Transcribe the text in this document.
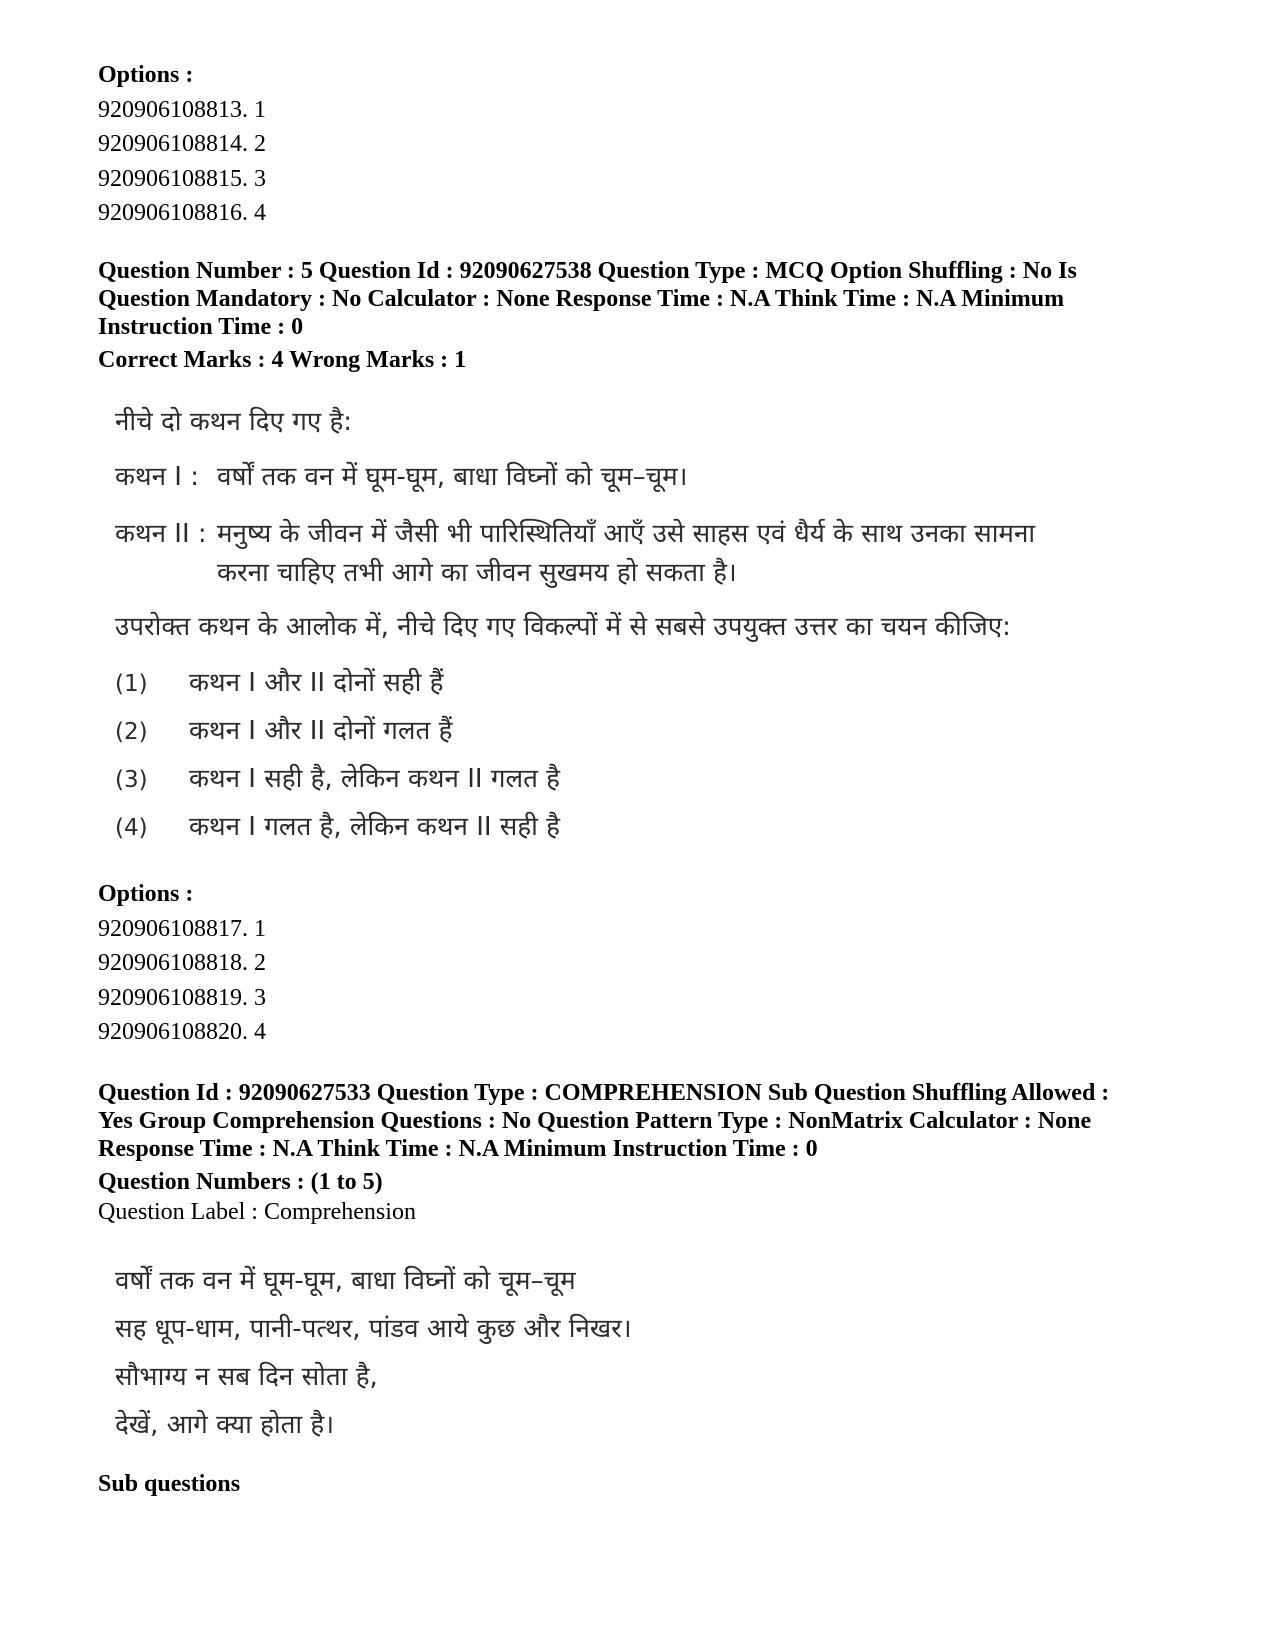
Options :
920906108813. 1
920906108814. 2
920906108815. 3
920906108816. 4
Question Number : 5 Question Id : 92090627538 Question Type : MCQ Option Shuffling : No Is
Question Mandatory : No Calculator : None Response Time : N.A Think Time : N.A Minimum
Instruction Time : 0
Correct Marks : 4 Wrong Marks : 1
नीचे दो कथन दिए गए है:
कथन I : वर्षों तक वन में घूम-घूम, बाधा विघ्नों को चूम–चूम।
कथन II : मनुष्य के जीवन में जैसी भी पारिस्थितियाँ आएँ उसे साहस एवं धैर्य के साथ उनका सामना
करना चाहिए तभी आगे का जीवन सुखमय हो सकता है।
उपरोक्त कथन के आलोक में, नीचे दिए गए विकल्पों में से सबसे उपयुक्त उत्तर का चयन कीजिए:
(1) कथन I और II दोनों सही हैं
(2) कथन I और II दोनों गलत हैं
(3) कथन I सही है, लेकिन कथन II गलत है
(4) कथन I गलत है, लेकिन कथन II सही है
Options :
920906108817. 1
920906108818. 2
920906108819. 3
920906108820. 4
Question Id : 92090627533 Question Type : COMPREHENSION Sub Question Shuffling Allowed :
Yes Group Comprehension Questions : No Question Pattern Type : NonMatrix Calculator : None
Response Time : N.A Think Time : N.A Minimum Instruction Time : 0
Question Numbers : (1 to 5)
Question Label : Comprehension
वर्षों तक वन में घूम-घूम, बाधा विघ्नों को चूम–चूम
सह धूप-धाम, पानी-पत्थर, पांडव आये कुछ और निखर।
सौभाग्य न सब दिन सोता है,
देखें, आगे क्या होता है।
Sub questions
